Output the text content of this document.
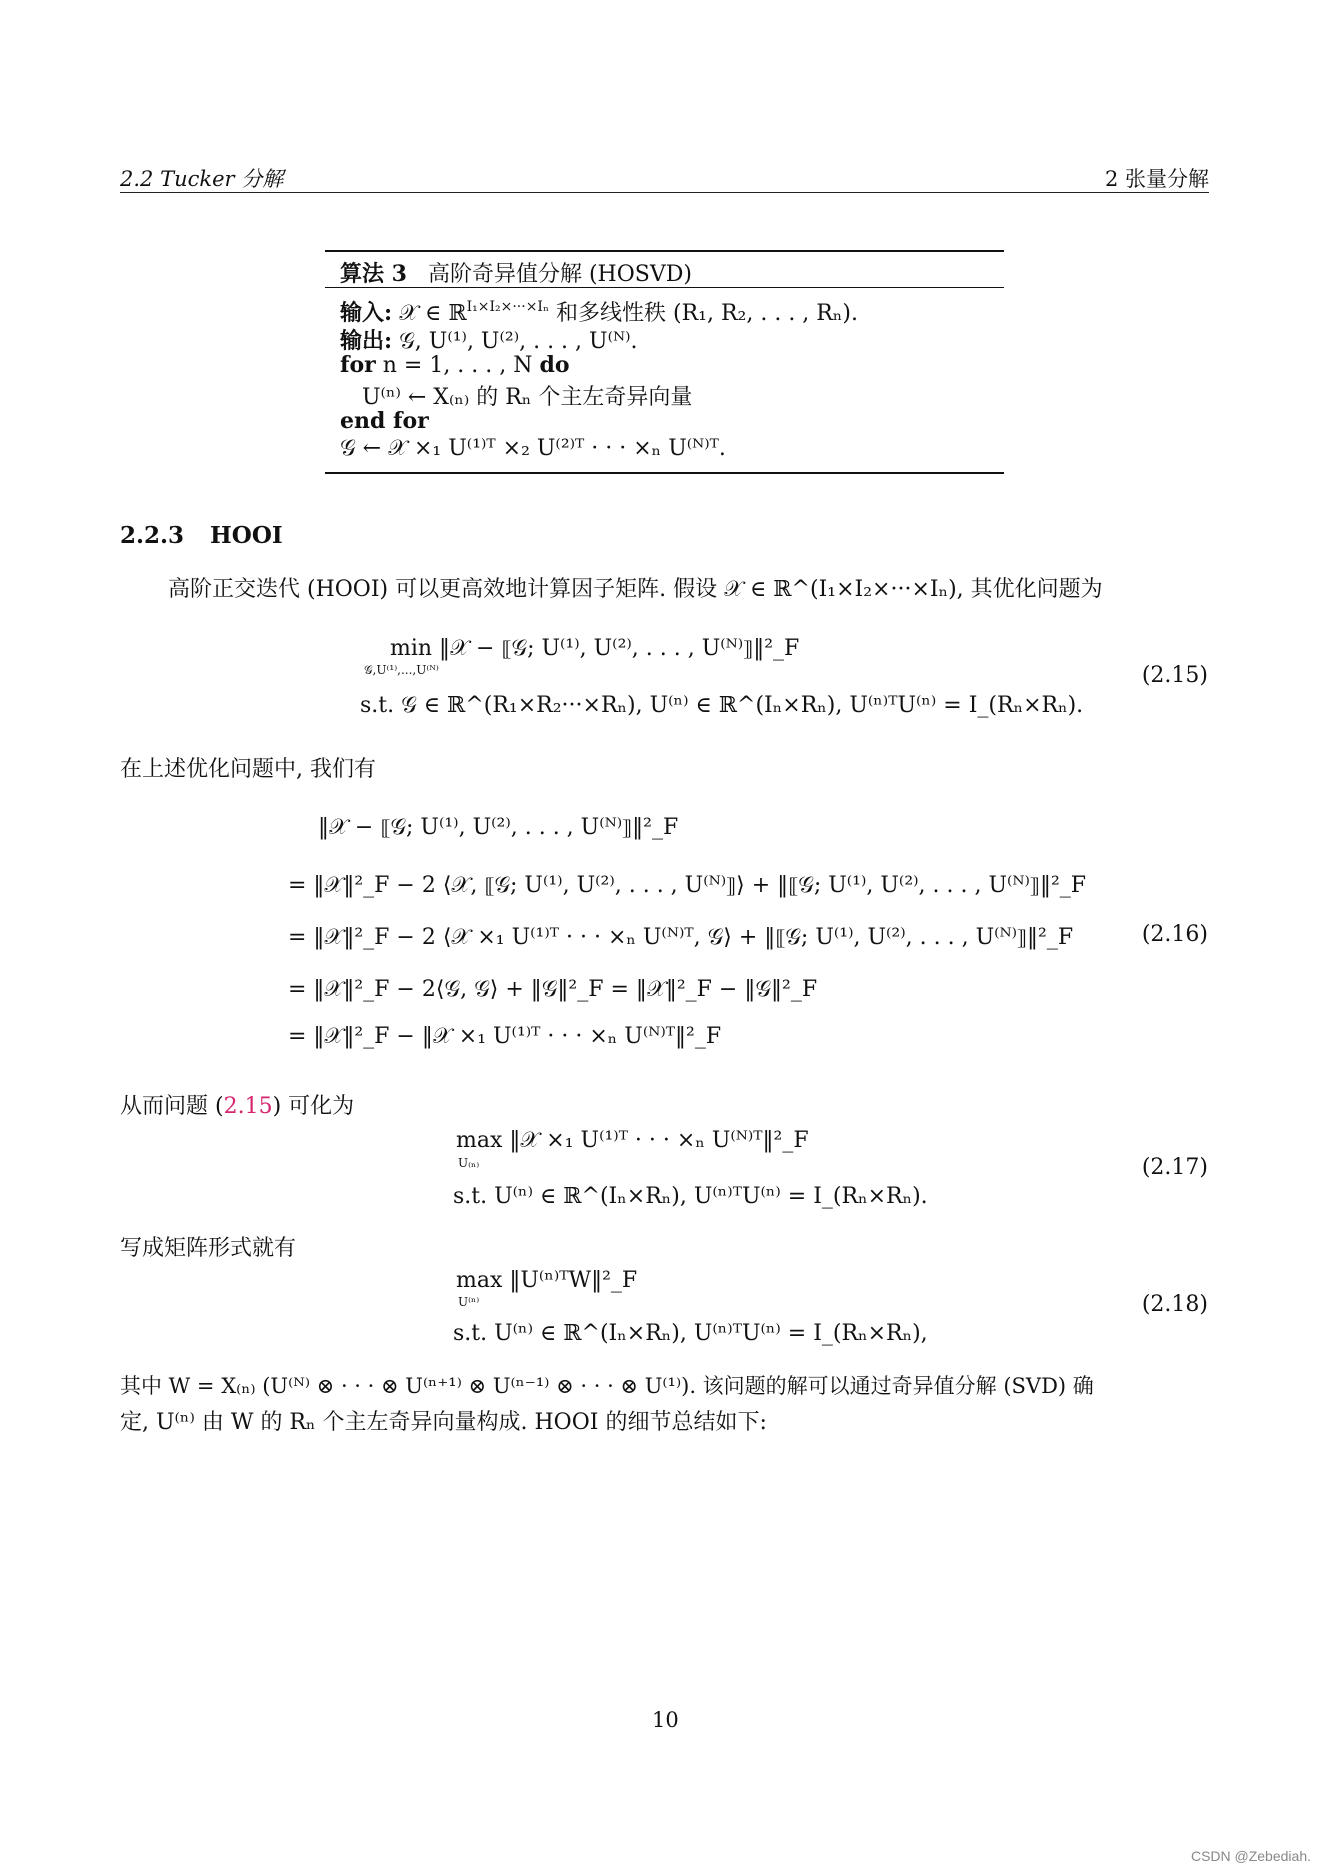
2.2 Tucker 分解	2 张量分解
算法 3 高阶奇异值分解 (HOSVD)
输入: 𝒳 ∈ ℝ$^{I_1\times I_2\times\cdot\cdot\cdot\times I_n}$ 和多线性秩 (R₁, R₂, . . . , Rₙ).
输出: 𝒢, U⁽¹⁾, U⁽²⁾, . . . , U⁽ᴺ⁾.
for n = 1, . . . , N do
U⁽ⁿ⁾ ← X₍ₙ₎ 的 Rₙ 个主左奇异向量
end for
𝒢 ← 𝒳 ×₁ U⁽¹⁾ᵀ ×₂ U⁽²⁾ᵀ · · · ×ₙ U⁽ᴺ⁾ᵀ.
2.2.3 HOOI
高阶正交迭代 (HOOI) 可以更高效地计算因子矩阵. 假设 𝒳 ∈ ℝ^(I₁×I₂×···×Iₙ), 其优化问题为
min ‖𝒳 − ⟦𝒢; U⁽¹⁾, U⁽²⁾, . . . , U⁽ᴺ⁾⟧‖²_F
𝒢,U⁽¹⁾,...,U⁽ᴺ⁾
s.t. 𝒢 ∈ ℝ^(R₁×R₂···×Rₙ), U⁽ⁿ⁾ ∈ ℝ^(Iₙ×Rₙ), U⁽ⁿ⁾ᵀU⁽ⁿ⁾ = I_(Rₙ×Rₙ).
(2.15)
在上述优化问题中, 我们有
‖𝒳 − ⟦𝒢; U⁽¹⁾, U⁽²⁾, . . . , U⁽ᴺ⁾⟧‖²_F
= ‖𝒳‖²_F − 2 ⟨𝒳, ⟦𝒢; U⁽¹⁾, U⁽²⁾, . . . , U⁽ᴺ⁾⟧⟩ + ‖⟦𝒢; U⁽¹⁾, U⁽²⁾, . . . , U⁽ᴺ⁾⟧‖²_F
= ‖𝒳‖²_F − 2 ⟨𝒳 ×₁ U⁽¹⁾ᵀ · · · ×ₙ U⁽ᴺ⁾ᵀ, 𝒢⟩ + ‖⟦𝒢; U⁽¹⁾, U⁽²⁾, . . . , U⁽ᴺ⁾⟧‖²_F
= ‖𝒳‖²_F − 2⟨𝒢, 𝒢⟩ + ‖𝒢‖²_F = ‖𝒳‖²_F − ‖𝒢‖²_F
= ‖𝒳‖²_F − ‖𝒳 ×₁ U⁽¹⁾ᵀ · · · ×ₙ U⁽ᴺ⁾ᵀ‖²_F
(2.16)
从而问题 (2.15) 可化为
max ‖𝒳 ×₁ U⁽¹⁾ᵀ · · · ×ₙ U⁽ᴺ⁾ᵀ‖²_F
U₍ₙ₎
s.t. U⁽ⁿ⁾ ∈ ℝ^(Iₙ×Rₙ), U⁽ⁿ⁾ᵀU⁽ⁿ⁾ = I_(Rₙ×Rₙ).
(2.17)
写成矩阵形式就有
max ‖U⁽ⁿ⁾ᵀW‖²_F
U⁽ⁿ⁾
s.t. U⁽ⁿ⁾ ∈ ℝ^(Iₙ×Rₙ), U⁽ⁿ⁾ᵀU⁽ⁿ⁾ = I_(Rₙ×Rₙ),
(2.18)
其中 W = X₍ₙ₎ (U⁽ᴺ⁾ ⊗ · · · ⊗ U⁽ⁿ⁺¹⁾ ⊗ U⁽ⁿ⁻¹⁾ ⊗ · · · ⊗ U⁽¹⁾). 该问题的解可以通过奇异值分解 (SVD) 确
定, U⁽ⁿ⁾ 由 W 的 Rₙ 个主左奇异向量构成. HOOI 的细节总结如下:
10
CSDN @Zebediah.
